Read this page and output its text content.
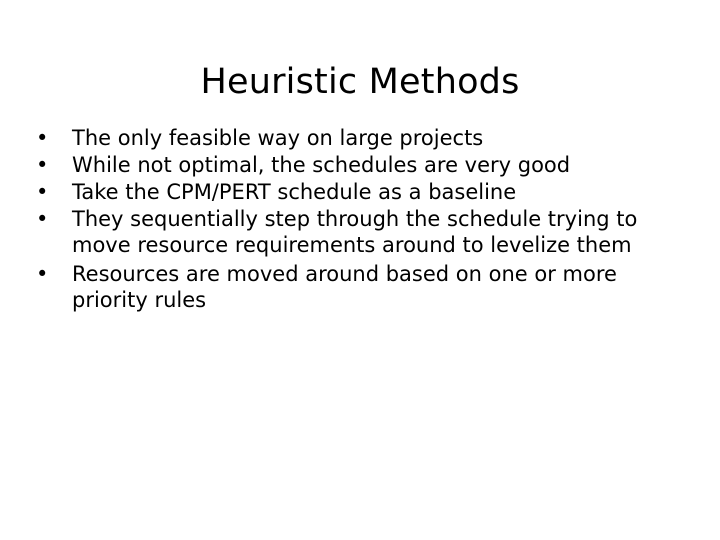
Heuristic Methods
•	The only feasible way on large projects
•	While not optimal, the schedules are very good
•	Take the CPM/PERT schedule as a baseline
•	They sequentially step through the schedule trying to move resource requirements around to levelize them
•	Resources are moved around based on one or more priority rules
